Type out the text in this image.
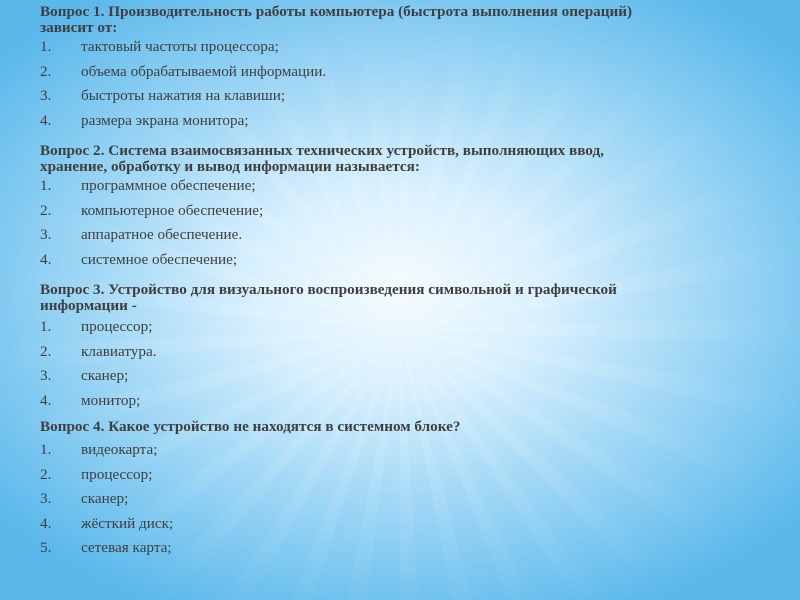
Вопрос 1. Производительность работы компьютера (быстрота выполнения операций)
зависит от:

1. тактовый частоты процессора;
2. объема обрабатываемой информации.
3. быстроты нажатия на клавиши;
4. размера экрана монитора;

Вопрос 2. Система взаимосвязанных технических устройств, выполняющих ввод,
хранение, обработку и вывод информации называется:

1. программное обеспечение;
2. компьютерное обеспечение;
3. аппаратное обеспечение.
4. системное обеспечение;

Вопрос 3. Устройство для визуального воспроизведения символьной и графической
информации -

1. процессор;
2. клавиатура.
3. сканер;
4. монитор;

Вопрос 4. Какое устройство не находятся в системном блоке?

1. видеокарта;
2. процессор;
3. сканер;
4. жёсткий диск;
5. сетевая карта;
